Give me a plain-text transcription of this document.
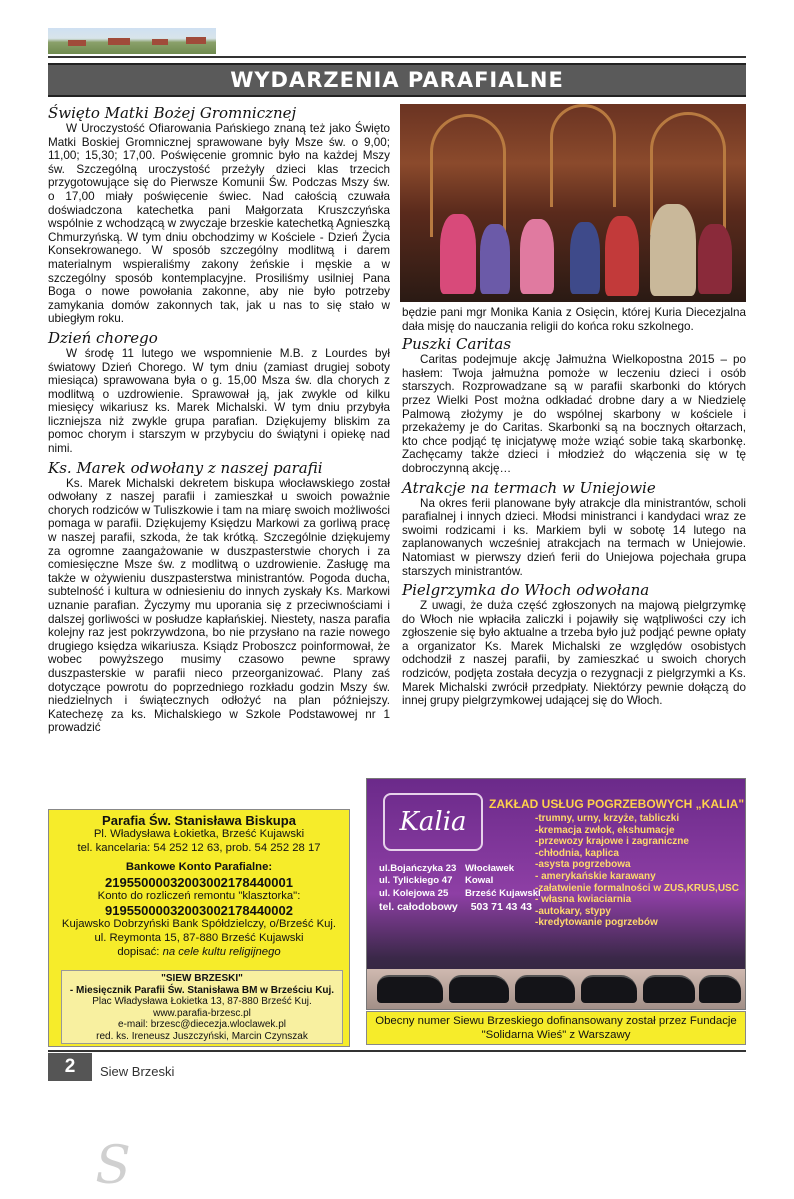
WYDARZENIA PARAFIALNE
Święto Matki Bożej Gromnicznej

W Uroczystość Ofiarowania Pańskiego znaną też jako Święto Matki Boskiej Gromnicznej sprawowane były Msze św. o 9,00; 11,00; 15,30; 17,00. Poświęcenie gromnic było na każdej Mszy św. Szczególną uroczystość przeżyły dzieci klas trzecich przygotowujące się do Pierwsze Komunii Św. Podczas Mszy św. o 17,00 miały poświęcenie świec. Nad całością czuwała doświadczona katechetka pani Małgorzata Kruszczyńska wspólnie z wchodzącą w zwyczaje brzeskie katechetką Agnieszką Chmurzyńską. W tym dniu obchodzimy w Kościele - Dzień Życia Konsekrowanego. W sposób szczególny modlitwą i darem materialnym wspieraliśmy zakony żeńskie i męskie a w szczególny sposób kontemplacyjne. Prosiliśmy usilniej Pana Boga o nowe powołania zakonne, aby nie było potrzeby zamykania domów zakonnych tak, jak u nas to się stało w ubiegłym roku.

Dzień chorego

W środę 11 lutego we wspomnienie M.B. z Lourdes był światowy Dzień Chorego. W tym dniu (zamiast drugiej soboty miesiąca) sprawowana była o g. 15,00 Msza św. dla chorych z modlitwą o uzdrowienie. Sprawował ją, jak zwykle od kilku miesięcy wikariusz ks. Marek Michalski. W tym dniu przybyła liczniejsza niż zwykle grupa parafian. Dziękujemy bliskim za pomoc chorym i starszym w przybyciu do świątyni i opiekę nad nimi.

Ks. Marek odwołany z naszej parafii

Ks. Marek Michalski dekretem biskupa włocławskiego został odwołany z naszej parafii i zamieszkał u swoich poważnie chorych rodziców w Tuliszkowie i tam na miarę swoich możliwości pomaga w parafii. Dziękujemy Księdzu Markowi za gorliwą pracę w naszej parafii, szkoda, że tak krótką. Szczególnie dziękujemy za ogromne zaangażowanie w duszpasterstwie chorych i za comiesięczne Msze św. z modlitwą o uzdrowienie. Zasługę ma także w ożywieniu duszpasterstwa ministrantów. Pogoda ducha, subtelność i kultura w odniesieniu do innych zyskały Ks. Markowi uznanie parafian. Życzymy mu uporania się z przeciwnościami i dalszej gorliwości w posłudze kapłańskiej. Niestety, nasza parafia kolejny raz jest pokrzywdzona, bo nie przysłano na razie nowego drugiego księdza wikariusza. Ksiądz Proboszcz poinformował, że wobec powyższego musimy czasowo pewne sprawy duszpasterskie w parafii nieco przeorganizować. Plany zaś dotyczące powrotu do poprzedniego rozkładu godzin Mszy św. niedzielnych i świątecznych odłożyć na plan późniejszy. Katechezę za ks. Michalskiego w Szkole Podstawowej nr 1 prowadzić

będzie pani mgr Monika Kania z Osięcin, której Kuria Diecezjalna dała misję do nauczania religii do końca roku szkolnego.

Puszki Caritas

Caritas podejmuje akcję Jałmużna Wielkopostna 2015 – po hasłem: Twoja jałmużna pomoże w leczeniu dzieci i osób starszych. Rozprowadzane są w parafii skarbonki do których przez Wielki Post można odkładać drobne dary a w Niedzielę Palmową złożymy je do wspólnej skarbony w kościele i przekażemy je do Caritas. Skarbonki są na bocznych ołtarzach, kto chce podjąć tę inicjatywę może wziąć sobie taką skarbonkę. Zachęcamy także dzieci i młodzież do włączenia się w tę dobroczynną akcję…

Atrakcje na termach w Uniejowie

Na okres ferii planowane były atrakcje dla ministrantów, scholi parafialnej i innych dzieci. Młodsi ministranci i kandydaci wraz ze swoimi rodzicami i ks. Markiem byli w sobotę 14 lutego na zaplanowanych wcześniej atrakcjach na termach w Uniejowie. Natomiast w pierwszy dzień ferii do Uniejowa pojechała grupa starszych ministrantów.

Pielgrzymka do Włoch odwołana

Z uwagi, że duża część zgłoszonych na majową pielgrzymkę do Włoch nie wpłaciła zaliczki i pojawiły się wątpliwości czy ich zgłoszenie się było aktualne a trzeba było już podjąć pewne opłaty a organizator Ks. Marek Michalski ze względów osobistych odchodził z naszej parafii, by zamieszkać u swoich chorych rodziców, podjęta została decyzja o rezygnacji z pielgrzymki a Ks. Marek Michalski zwrócił przedpłaty. Niektórzy pewnie dołączą do innej grupy pielgrzymkowej udającej się do Włoch.

Parafia Św. Stanisława Biskupa
Pl. Władysława Łokietka, Brześć Kujawski
tel. kancelaria: 54 252 12 63, prob. 54 252 28 17
Bankowe Konto Parafialne:
21955000032003002178440001
Konto do rozliczeń remontu "klasztorka":
91955000032003002178440002
Kujawsko Dobrzyński Bank Spółdzielczy, o/Brześć Kuj.
ul. Reymonta 15, 87-880 Brześć Kujawski
dopisać: na cele kultu religijnego
S
"SIEW BRZESKI"
- Miesięcznik Parafii Św. Stanisława BM w Brześciu Kuj.
Plac Władysława Łokietka 13, 87-880 Brześć Kuj.
www.parafia-brzesc.pl
e-mail: brzesc@diecezja.wloclawek.pl
red. ks. Ireneusz Juszczyński, Marcin Czynszak
Kalia
ZAKŁAD USŁUG POGRZEBOWYCH „KALIA"
-trumny, urny, krzyże, tabliczki
-kremacja zwłok, ekshumacje
-przewozy krajowe i zagraniczne
-chłodnia, kaplica
-asysta pogrzebowa
- amerykańskie karawany
-załatwienie formalności w ZUS,KRUS,USC
- własna kwiaciarnia
-autokary, stypy
-kredytowanie pogrzebów
ul.Bojańczyka 23 Włocławek
ul. Tylickiego 47 Kowal
ul. Kolejowa 25 Brześć Kujawski
tel. całodobowy 503 71 43 43
Obecny numer Siewu Brzeskiego dofinansowany został przez Fundacje "Solidarna Wieś" z Warszawy
2	Siew Brzeski
